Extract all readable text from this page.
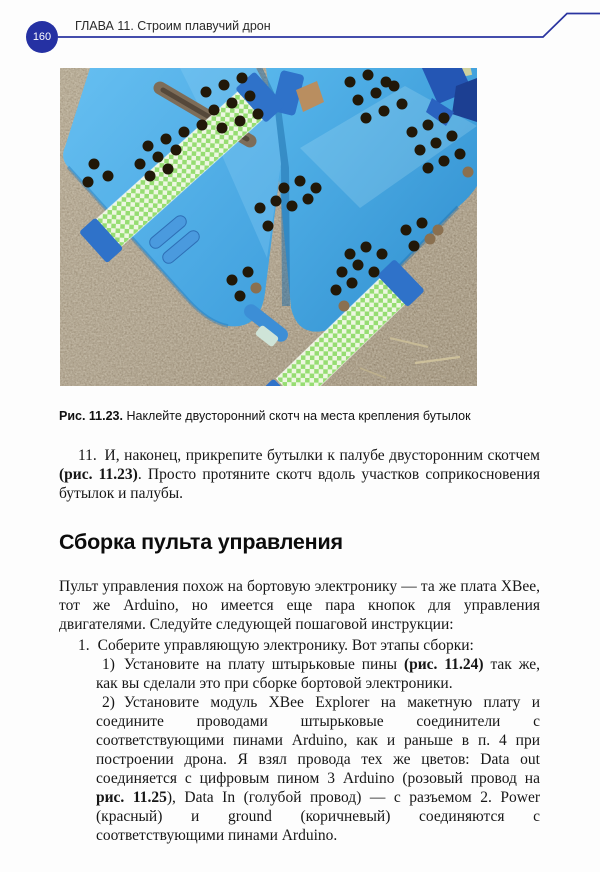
160
ГЛАВА 11. Строим плавучий дрон

Рис. 11.23. Наклейте двусторонний скотч на места крепления бутылок

11. И, наконец, прикрепите бутылки к палубе двусторонним скотчем (рис. 11.23). Просто протяните скотч вдоль участков соприкосновения бутылок и палубы.

Сборка пульта управления

Пульт управления похож на бортовую электронику — та же плата XBee, тот же Arduino, но имеется еще пара кнопок для управления двигателями. Следуйте следующей пошаговой инструкции:

1. Соберите управляющую электронику. Вот этапы сборки:

1) Установите на плату штырьковые пины (рис. 11.24) так же, как вы сделали это при сборке бортовой электроники.

2) Установите модуль XBee Explorer на макетную плату и соедините проводами штырьковые соединители с соответствующими пинами Arduino, как и раньше в п. 4 при построении дрона. Я взял провода тех же цветов: Data out соединяется с цифровым пином 3 Arduino (розовый провод на рис. 11.25), Data In (голубой провод) — с разъемом 2. Power (красный) и ground (коричневый) соединяются с соответствующими пинами Arduino.
